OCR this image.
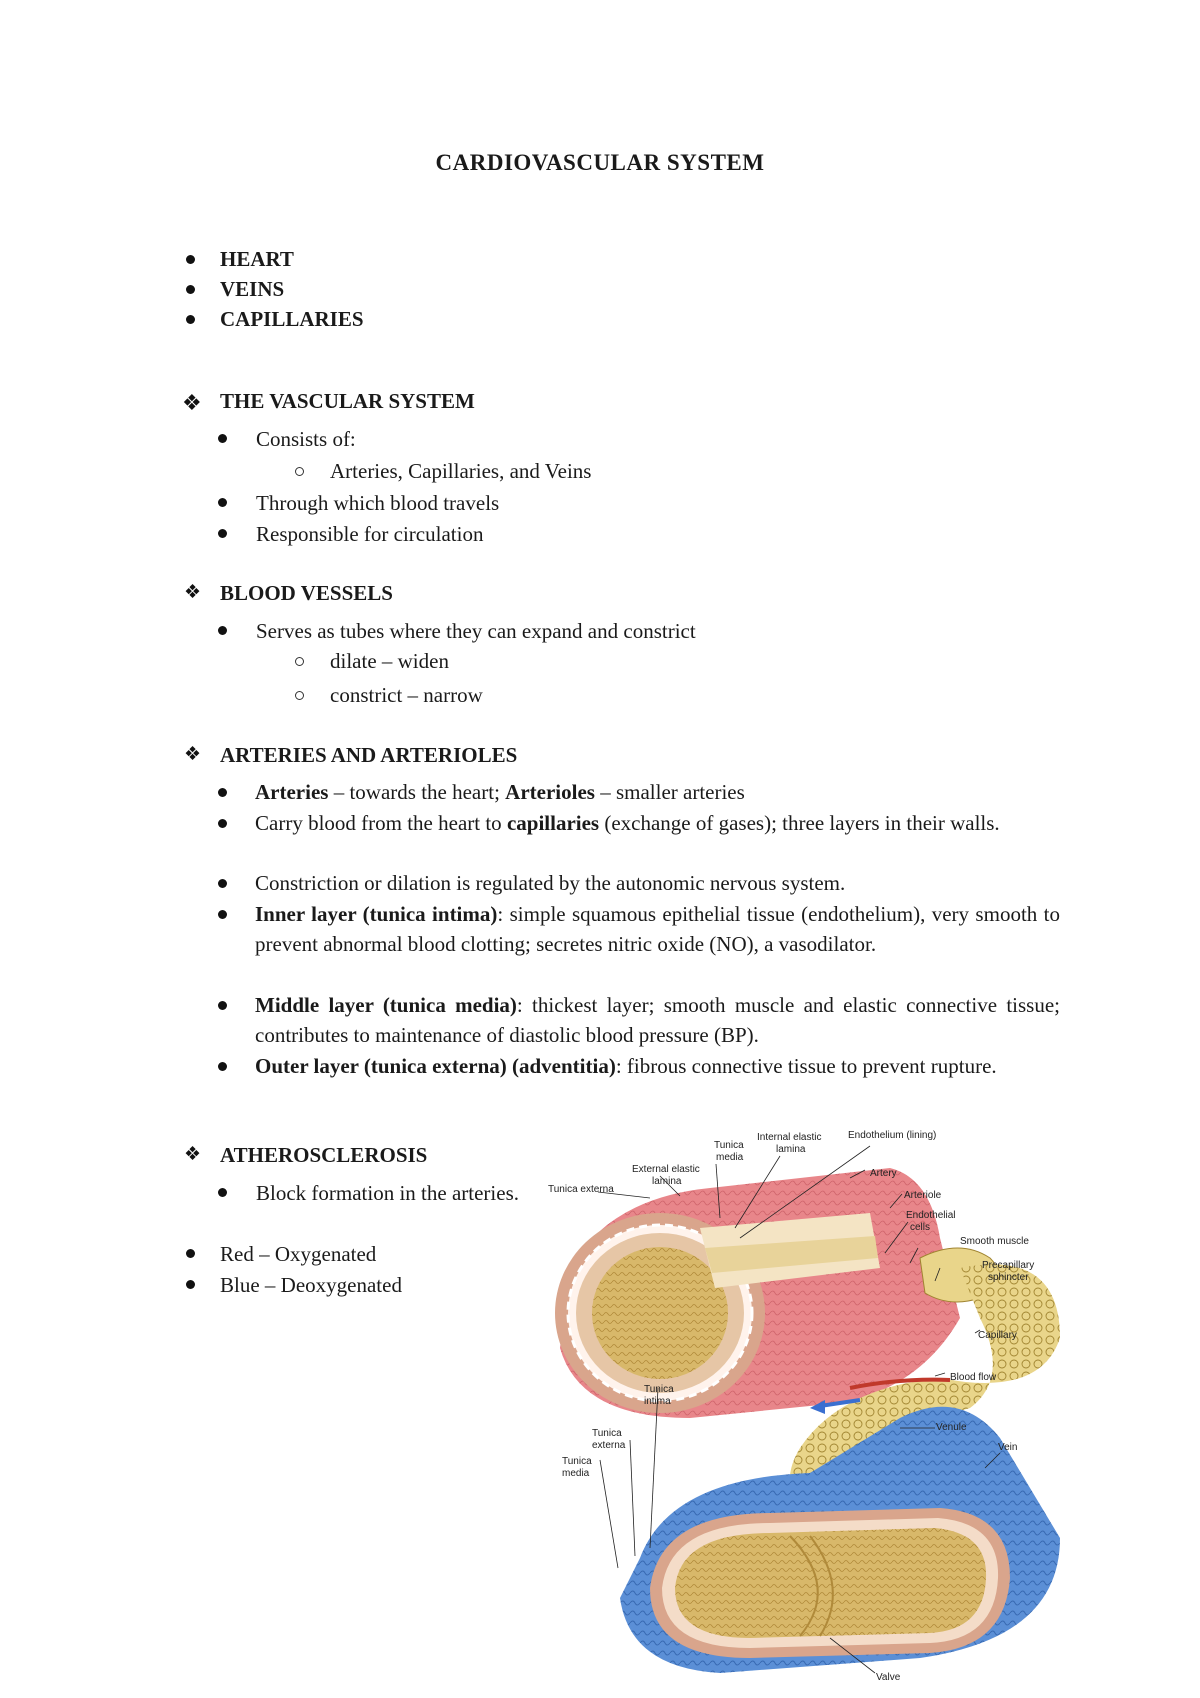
CARDIOVASCULAR SYSTEM
HEART
VEINS
CAPILLARIES
❖ THE VASCULAR SYSTEM
Consists of:
Arteries, Capillaries, and Veins
Through which blood travels
Responsible for circulation
❖ BLOOD VESSELS
Serves as tubes where they can expand and constrict
dilate – widen
constrict – narrow
❖ ARTERIES AND ARTERIOLES
Arteries – towards the heart; Arterioles – smaller arteries
Carry blood from the heart to capillaries (exchange of gases); three layers in their walls.
Constriction or dilation is regulated by the autonomic nervous system.
Inner layer (tunica intima): simple squamous epithelial tissue (endothelium), very smooth to prevent abnormal blood clotting; secretes nitric oxide (NO), a vasodilator.
Middle layer (tunica media): thickest layer; smooth muscle and elastic connective tissue; contributes to maintenance of diastolic blood pressure (BP).
Outer layer (tunica externa) (adventitia): fibrous connective tissue to prevent rupture.
❖ ATHEROSCLEROSIS
Block formation in the arteries.
Red – Oxygenated
Blue – Deoxygenated
Tunica externa
External elastic
lamina
Tunica
media
Internal elastic
lamina
Endothelium (lining)
Artery
Arteriole
Endothelial
cells
Smooth muscle
Precapillary
sphincter
Capillary
Blood flow
Tunica
intima
Venule
Vein
Tunica
externa
Tunica
media
Valve
